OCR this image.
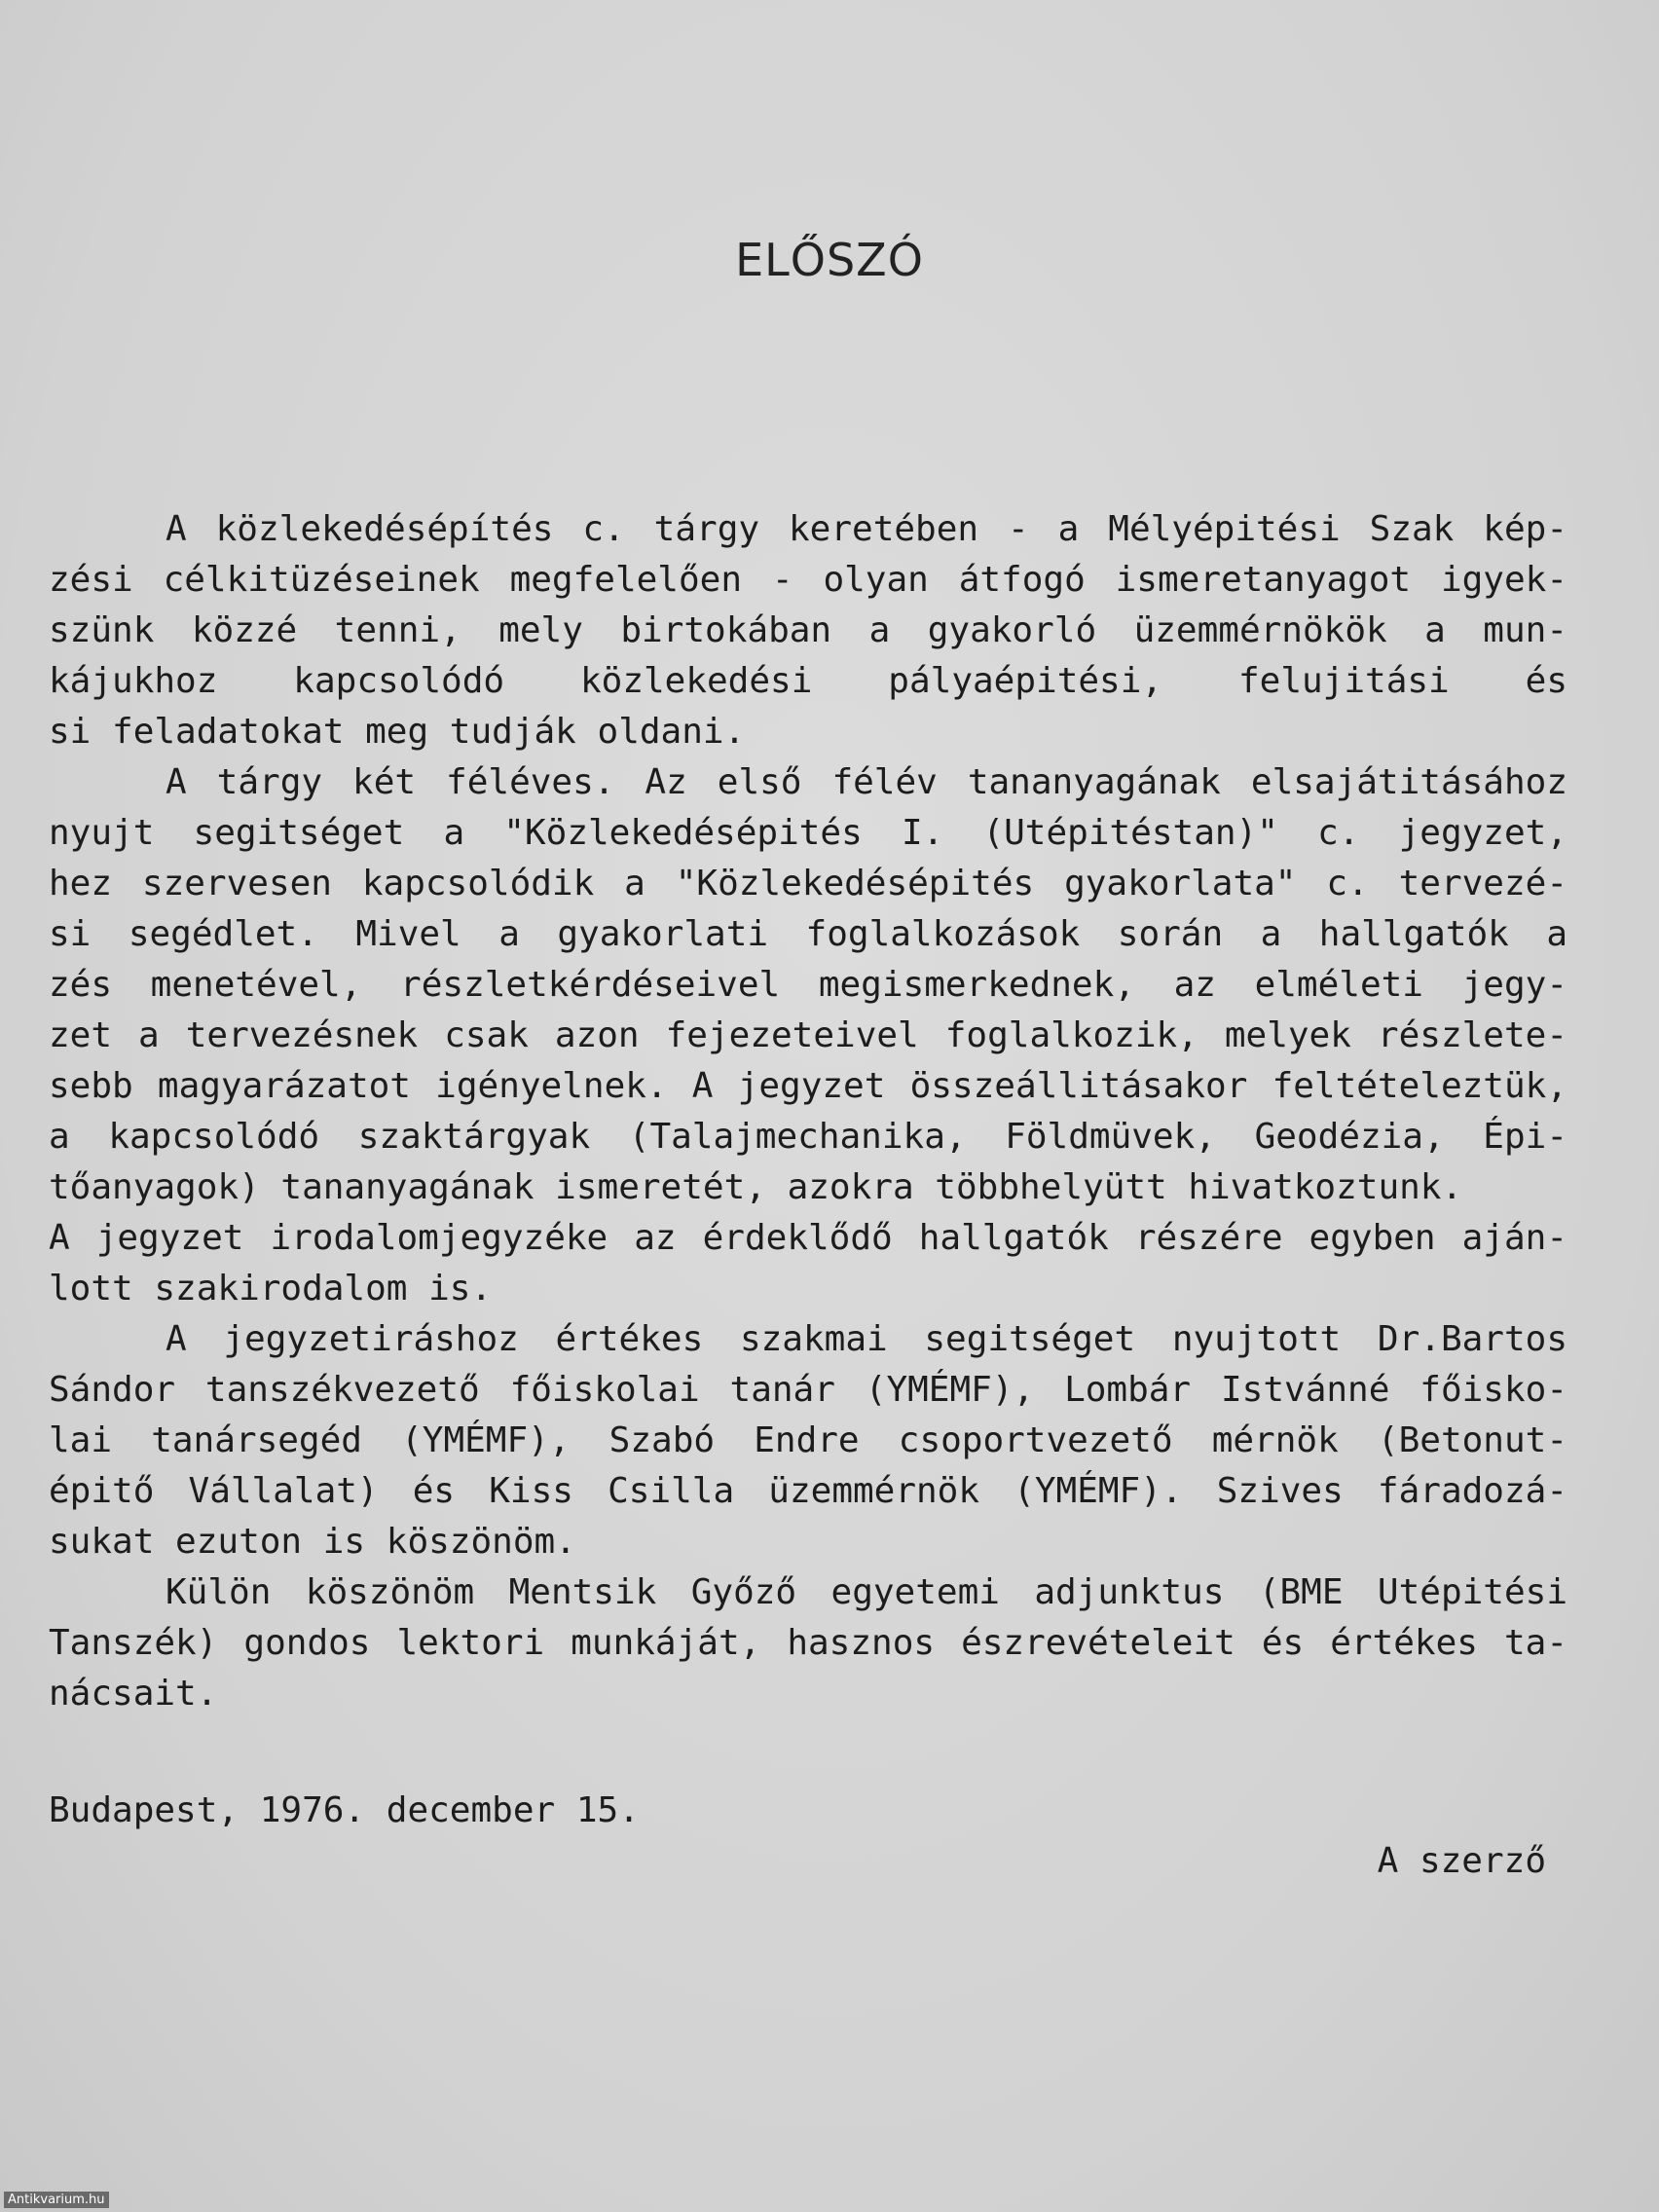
ELŐSZÓ
A közlekedésépítés c. tárgy keretében - a Mélyépitési Szak kép-
zési célkitüzéseinek megfelelően - olyan átfogó ismeretanyagot igyek-
szünk közzé tenni, mely birtokában a gyakorló üzemmérnökök a mun-
kájukhoz kapcsolódó közlekedési pályaépitési, felujitási és
si feladatokat meg tudják oldani.
A tárgy két féléves. Az első félév tananyagának elsajátitásához
nyujt segitséget a "Közlekedésépités I. (Utépitéstan)" c. jegyzet,
hez szervesen kapcsolódik a "Közlekedésépités gyakorlata" c. tervezé-
si segédlet. Mivel a gyakorlati foglalkozások során a hallgatók a
zés menetével, részletkérdéseivel megismerkednek, az elméleti jegy-
zet a tervezésnek csak azon fejezeteivel foglalkozik, melyek részlete-
sebb magyarázatot igényelnek. A jegyzet összeállitásakor feltételeztük,
a kapcsolódó szaktárgyak (Talajmechanika, Földmüvek, Geodézia, Épi-
tőanyagok) tananyagának ismeretét, azokra többhelyütt hivatkoztunk.
A jegyzet irodalomjegyzéke az érdeklődő hallgatók részére egyben aján-
lott szakirodalom is.
A jegyzetiráshoz értékes szakmai segitséget nyujtott Dr.Bartos
Sándor tanszékvezető főiskolai tanár (YMÉMF), Lombár Istvánné főisko-
lai tanársegéd (YMÉMF), Szabó Endre csoportvezető mérnök (Betonut-
épitő Vállalat) és Kiss Csilla üzemmérnök (YMÉMF). Szives fáradozá-
sukat ezuton is köszönöm.
Külön köszönöm Mentsik Győző egyetemi adjunktus (BME Utépitési
Tanszék) gondos lektori munkáját, hasznos észrevételeit és értékes ta-
nácsait.
Budapest, 1976. december 15.
A szerző
Antikvarium.hu
